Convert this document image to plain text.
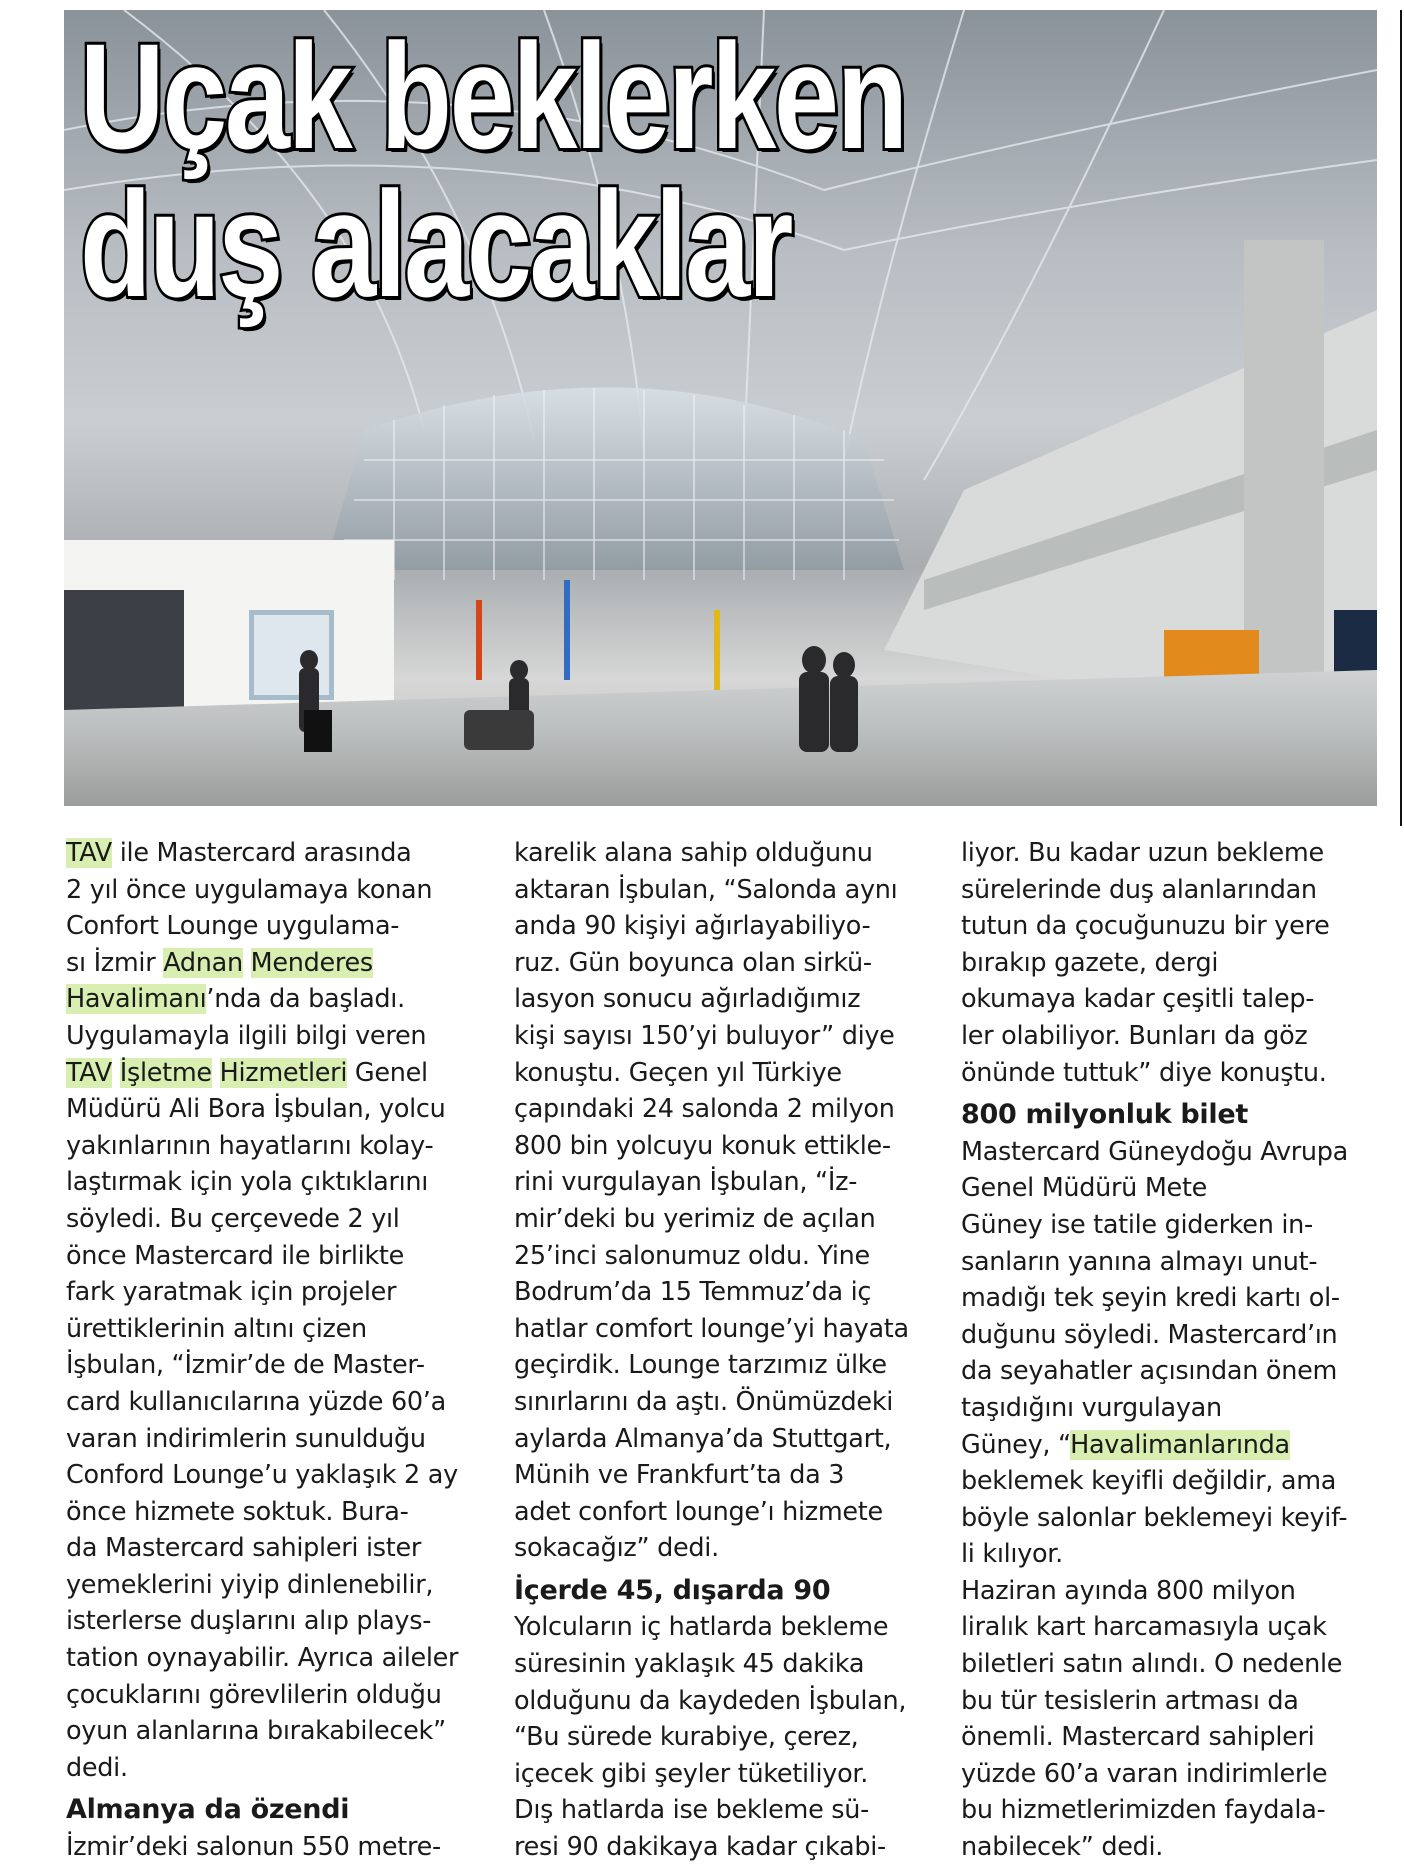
Uçak beklerken
duş alacaklar
TAV ile Mastercard arasında
2 yıl önce uygulamaya konan
Confort Lounge uygulama-
sı İzmir Adnan Menderes
Havalimanı’nda da başladı.
Uygulamayla ilgili bilgi veren
TAV İşletme Hizmetleri Genel
Müdürü Ali Bora İşbulan, yolcu
yakınlarının hayatlarını kolay-
laştırmak için yola çıktıklarını
söyledi. Bu çerçevede 2 yıl
önce Mastercard ile birlikte
fark yaratmak için projeler
ürettiklerinin altını çizen
İşbulan, “İzmir’de de Master-
card kullanıcılarına yüzde 60’a
varan indirimlerin sunulduğu
Conford Lounge’u yaklaşık 2 ay
önce hizmete soktuk. Bura-
da Mastercard sahipleri ister
yemeklerini yiyip dinlenebilir,
isterlerse duşlarını alıp plays-
tation oynayabilir. Ayrıca aileler
çocuklarını görevlilerin olduğu
oyun alanlarına bırakabilecek”
dedi.
Almanya da özendi
İzmir’deki salonun 550 metre-
karelik alana sahip olduğunu
aktaran İşbulan, “Salonda aynı
anda 90 kişiyi ağırlayabiliyo-
ruz. Gün boyunca olan sirkü-
lasyon sonucu ağırladığımız
kişi sayısı 150’yi buluyor” diye
konuştu. Geçen yıl Türkiye
çapındaki 24 salonda 2 milyon
800 bin yolcuyu konuk ettikle-
rini vurgulayan İşbulan, “İz-
mir’deki bu yerimiz de açılan
25’inci salonumuz oldu. Yine
Bodrum’da 15 Temmuz’da iç
hatlar comfort lounge’yi hayata
geçirdik. Lounge tarzımız ülke
sınırlarını da aştı. Önümüzdeki
aylarda Almanya’da Stuttgart,
Münih ve Frankfurt’ta da 3
adet confort lounge’ı hizmete
sokacağız” dedi.
İçerde 45, dışarda 90
Yolcuların iç hatlarda bekleme
süresinin yaklaşık 45 dakika
olduğunu da kaydeden İşbulan,
“Bu sürede kurabiye, çerez,
içecek gibi şeyler tüketiliyor.
Dış hatlarda ise bekleme sü-
resi 90 dakikaya kadar çıkabi-
liyor. Bu kadar uzun bekleme
sürelerinde duş alanlarından
tutun da çocuğunuzu bir yere
bırakıp gazete, dergi
okumaya kadar çeşitli talep-
ler olabiliyor. Bunları da göz
önünde tuttuk” diye konuştu.
800 milyonluk bilet
Mastercard Güneydoğu Avrupa
Genel Müdürü Mete
Güney ise tatile giderken in-
sanların yanına almayı unut-
madığı tek şeyin kredi kartı ol-
duğunu söyledi. Mastercard’ın
da seyahatler açısından önem
taşıdığını vurgulayan
Güney, “Havalimanlarında
beklemek keyifli değildir, ama
böyle salonlar beklemeyi keyif-
li kılıyor.
Haziran ayında 800 milyon
liralık kart harcamasıyla uçak
biletleri satın alındı. O nedenle
bu tür tesislerin artması da
önemli. Mastercard sahipleri
yüzde 60’a varan indirimlerle
bu hizmetlerimizden faydala-
nabilecek” dedi.
